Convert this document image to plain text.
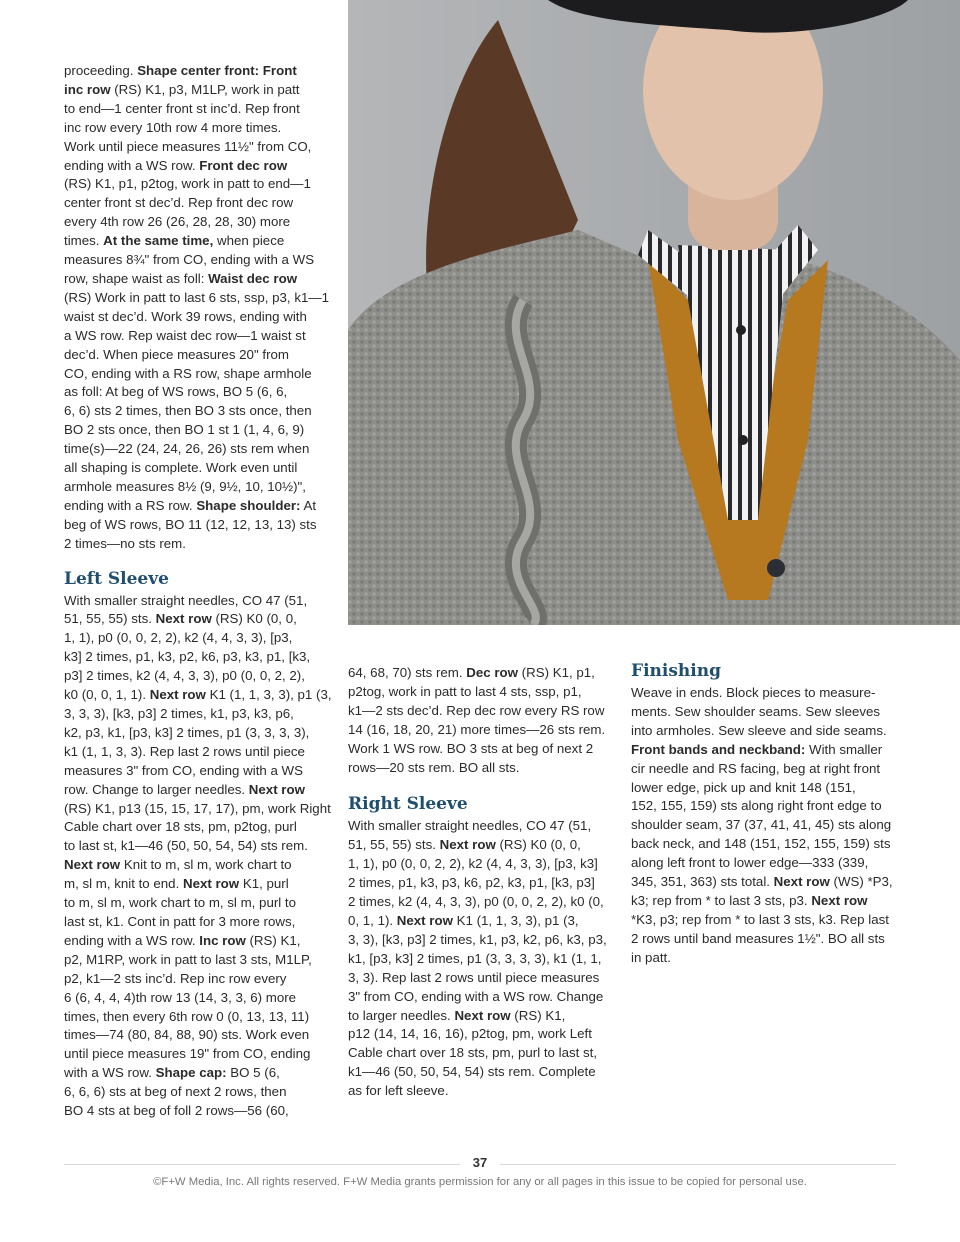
proceeding. Shape center front: Front

inc row (RS) K1, p3, M1LP, work in patt

to end—1 center front st inc’d. Rep front

inc row every 10th row 4 more times.

Work until piece measures 11½" from CO,

ending with a WS row. Front dec row

(RS) K1, p1, p2tog, work in patt to end—1

center front st dec’d. Rep front dec row

every 4th row 26 (26, 28, 28, 30) more

times. At the same time, when piece

measures 8¾" from CO, ending with a WS

row, shape waist as foll: Waist dec row

(RS) Work in patt to last 6 sts, ssp, p3, k1—1

waist st dec’d. Work 39 rows, ending with

a WS row. Rep waist dec row—1 waist st

dec’d. When piece measures 20" from

CO, ending with a RS row, shape armhole

as foll: At beg of WS rows, BO 5 (6, 6,

6, 6) sts 2 times, then BO 3 sts once, then

BO 2 sts once, then BO 1 st 1 (1, 4, 6, 9)

time(s)—22 (24, 24, 26, 26) sts rem when

all shaping is complete. Work even until

armhole measures 8½ (9, 9½, 10, 10½)",

ending with a RS row. Shape shoulder: At

beg of WS rows, BO 11 (12, 12, 13, 13) sts

2 times—no sts rem.

Left Sleeve

With smaller straight needles, CO 47 (51,

51, 55, 55) sts. Next row (RS) K0 (0, 0,

1, 1), p0 (0, 0, 2, 2), k2 (4, 4, 3, 3), [p3,

k3] 2 times, p1, k3, p2, k6, p3, k3, p1, [k3,

p3] 2 times, k2 (4, 4, 3, 3), p0 (0, 0, 2, 2),

k0 (0, 0, 1, 1). Next row K1 (1, 1, 3, 3), p1 (3,

3, 3, 3), [k3, p3] 2 times, k1, p3, k3, p6,

k2, p3, k1, [p3, k3] 2 times, p1 (3, 3, 3, 3),

k1 (1, 1, 3, 3). Rep last 2 rows until piece

measures 3" from CO, ending with a WS

row. Change to larger needles. Next row

(RS) K1, p13 (15, 15, 17, 17), pm, work Right

Cable chart over 18 sts, pm, p2tog, purl

to last st, k1—46 (50, 50, 54, 54) sts rem.

Next row Knit to m, sl m, work chart to

m, sl m, knit to end. Next row K1, purl

to m, sl m, work chart to m, sl m, purl to

last st, k1. Cont in patt for 3 more rows,

ending with a WS row. Inc row (RS) K1,

p2, M1RP, work in patt to last 3 sts, M1LP,

p2, k1—2 sts inc’d. Rep inc row every

6 (6, 4, 4, 4)th row 13 (14, 3, 3, 6) more

times, then every 6th row 0 (0, 13, 13, 11)

times—74 (80, 84, 88, 90) sts. Work even

until piece measures 19" from CO, ending

with a WS row. Shape cap: BO 5 (6,

6, 6, 6) sts at beg of next 2 rows, then

BO 4 sts at beg of foll 2 rows—56 (60,

64, 68, 70) sts rem. Dec row (RS) K1, p1,

p2tog, work in patt to last 4 sts, ssp, p1,

k1—2 sts dec’d. Rep dec row every RS row

14 (16, 18, 20, 21) more times—26 sts rem.

Work 1 WS row. BO 3 sts at beg of next 2

rows—20 sts rem. BO all sts.

Right Sleeve

With smaller straight needles, CO 47 (51,

51, 55, 55) sts. Next row (RS) K0 (0, 0,

1, 1), p0 (0, 0, 2, 2), k2 (4, 4, 3, 3), [p3, k3]

2 times, p1, k3, p3, k6, p2, k3, p1, [k3, p3]

2 times, k2 (4, 4, 3, 3), p0 (0, 0, 2, 2), k0 (0,

0, 1, 1). Next row K1 (1, 1, 3, 3), p1 (3,

3, 3), [k3, p3] 2 times, k1, p3, k2, p6, k3, p3,

k1, [p3, k3] 2 times, p1 (3, 3, 3, 3), k1 (1, 1,

3, 3). Rep last 2 rows until piece measures

3" from CO, ending with a WS row. Change

to larger needles. Next row (RS) K1,

p12 (14, 14, 16, 16), p2tog, pm, work Left

Cable chart over 18 sts, pm, purl to last st,

k1—46 (50, 50, 54, 54) sts rem. Complete

as for left sleeve.

Finishing

Weave in ends. Block pieces to measure-

ments. Sew shoulder seams. Sew sleeves

into armholes. Sew sleeve and side seams.

Front bands and neckband: With smaller

cir needle and RS facing, beg at right front

lower edge, pick up and knit 148 (151,

152, 155, 159) sts along right front edge to

shoulder seam, 37 (37, 41, 41, 45) sts along

back neck, and 148 (151, 152, 155, 159) sts

along left front to lower edge—333 (339,

345, 351, 363) sts total. Next row (WS) *P3,

k3; rep from * to last 3 sts, p3. Next row

*K3, p3; rep from * to last 3 sts, k3. Rep last

2 rows until band measures 1½". BO all sts

in patt.

37
©F+W Media, Inc. All rights reserved. F+W Media grants permission for any or all pages in this issue to be copied for personal use.
